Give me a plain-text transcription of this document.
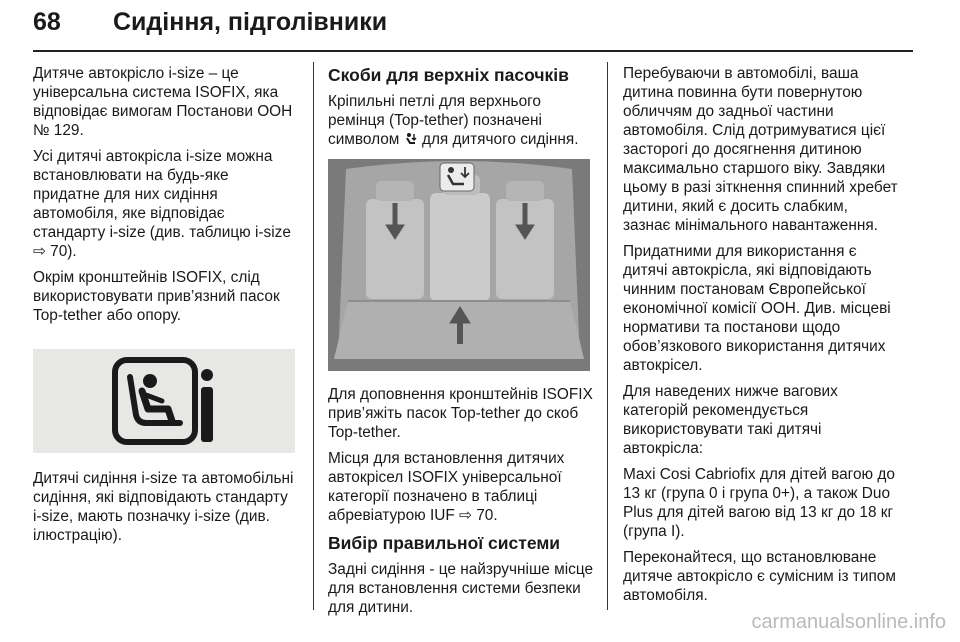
68 Сидіння, підголівники

Дитяче автокрісло i-size – це універсальна система ISOFIX, яка відповідає вимогам Постанови ООН № 129.

Усі дитячі автокрісла i-size можна встановлювати на будь-яке придатне для них сидіння автомобіля, яке відповідає стандарту i-size (див. таблицю i-size ⇨ 70).

Окрім кронштейнів ISOFIX, слід використовувати прив’язний пасок Top-tether або опору.

Дитячі сидіння i-size та автомобільні сидіння, які відповідають стандарту i-size, мають позначку i-size (див. ілюстрацію).

Скоби для верхніх пасочків

Кріпильні петлі для верхнього ремінця (Top-tether) позначені символом для дитячого сидіння.

Для доповнення кронштейнів ISOFIX прив’яжіть пасок Top-tether до скоб Top-tether.

Місця для встановлення дитячих автокрісел ISOFIX універсальної категорії позначено в таблиці абревіатурою IUF ⇨ 70.

Вибір правильної системи

Задні сидіння - це найзручніше місце для встановлення системи безпеки для дитини.

Перебуваючи в автомобілі, ваша дитина повинна бути повернутою обличчям до задньої частини автомобіля. Слід дотримуватися цієї засторогі до досягнення дитиною максимально старшого віку. Завдяки цьому в разі зіткнення спинний хребет дитини, який є досить слабким, зазнає мінімального навантаження.

Придатними для використання є дитячі автокрісла, які відповідають чинним постановам Європейської економічної комісії ООН. Див. місцеві нормативи та постанови щодо обов’язкового використання дитячих автокрісел.

Для наведених нижче вагових категорій рекомендується використовувати такі дитячі автокрісла:

Maxi Cosi Cabriofix для дітей вагою до 13 кг (група 0 і група 0+), а також Duo Plus для дітей вагою від 13 кг до 18 кг (група I).

Переконайтеся, що встановлюване дитяче автокрісло є сумісним із типом автомобіля.

carmanualsonline.info
